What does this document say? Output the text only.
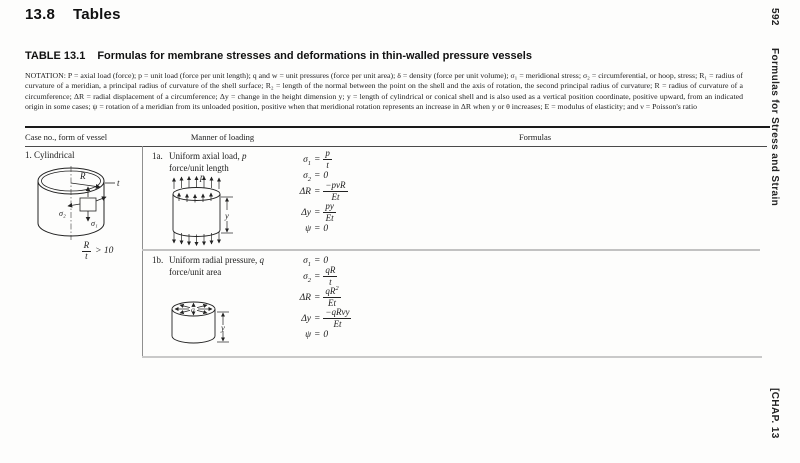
13.8 Tables
TABLE 13.1 Formulas for membrane stresses and deformations in thin-walled pressure vessels

NOTATION: P = axial load (force); p = unit load (force per unit length); q and w = unit pressures (force per unit area); δ = density (force per unit volume); σ₁ = meridional stress; σ₂ = circumferential, or hoop, stress; R₁ = radius of curvature of a meridian, a principal radius of curvature of the shell surface; R₂ = length of the normal between the point on the shell and the axis of rotation, the second principal radius of curvature; R = radius of curvature of a circumference; ΔR = radial displacement of a circumference; Δy = change in the height dimension y; y = length of cylindrical or conical shell and is also used as a vertical position coordinate, positive upward, from an indicated origin in some cases; ψ = rotation of a meridian from its unloaded position, positive when that meridional rotation represents an increase in ΔR when y or θ increases; E = modulus of elasticity; and ν = Poisson's ratio

Case no., form of vessel	Manner of loading	Formulas
1. Cylindrical
R
t
σ₁
σ₂
$\frac{R}{t} > 10$
1a. Uniform axial load, p
force/unit length
p
y
$\sigma_1 = \frac{p}{t}$
$\sigma_2 = 0$
$\Delta R = \frac{\text{−pνR}}{Et}$
$\Delta y = \frac{py}{Et}$
ψ = 0
1b. Uniform radial pressure, q
force/unit area
q
y
$\sigma_1 = 0$
$\sigma_2 = \frac{qR}{t}$
$\Delta R = \frac{qR^2}{Et}$
$\Delta y = \frac{\text{−qRνy}}{Et}$
ψ = 0
592
Formulas for Stress and Strain
[CHAP. 13
